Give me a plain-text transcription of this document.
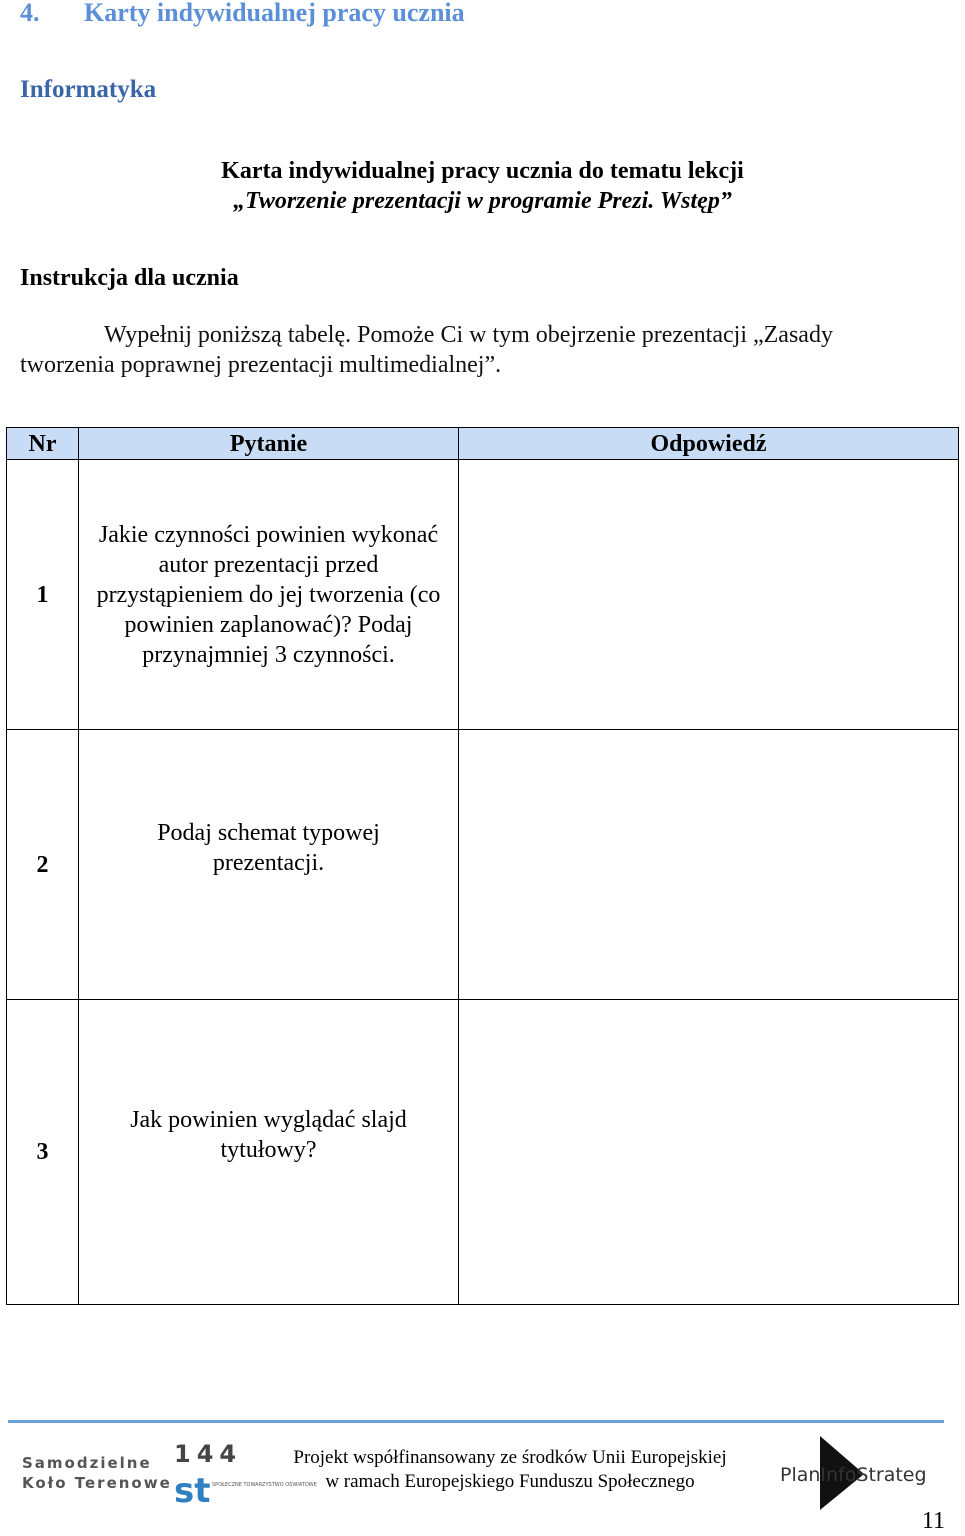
4. Karty indywidualnej pracy ucznia
Informatyka
Karta indywidualnej pracy ucznia do tematu lekcji
„Tworzenie prezentacji w programie Prezi. Wstęp”
Instrukcja dla ucznia
Wypełnij poniższą tabelę. Pomoże Ci w tym obejrzenie prezentacji „Zasady
tworzenia poprawnej prezentacji multimedialnej”.
Nr	Pytanie	Odpowiedź
1	Jakie czynności powinien wykonać autor prezentacji przed przystąpieniem do jej tworzenia (co powinien zaplanować)? Podaj przynajmniej 3 czynności.	
2	Podaj schemat typowej prezentacji.	
3	Jak powinien wyglądać slajd tytułowy?	
Samodzielne
Koło Terenowe
144
st SPOŁECZNE TOWARZYSTWO OŚWIATOWE
Projekt współfinansowany ze środków Unii Europejskiej
w ramach Europejskiego Funduszu Społecznego	PlanInfoStrateg
11
